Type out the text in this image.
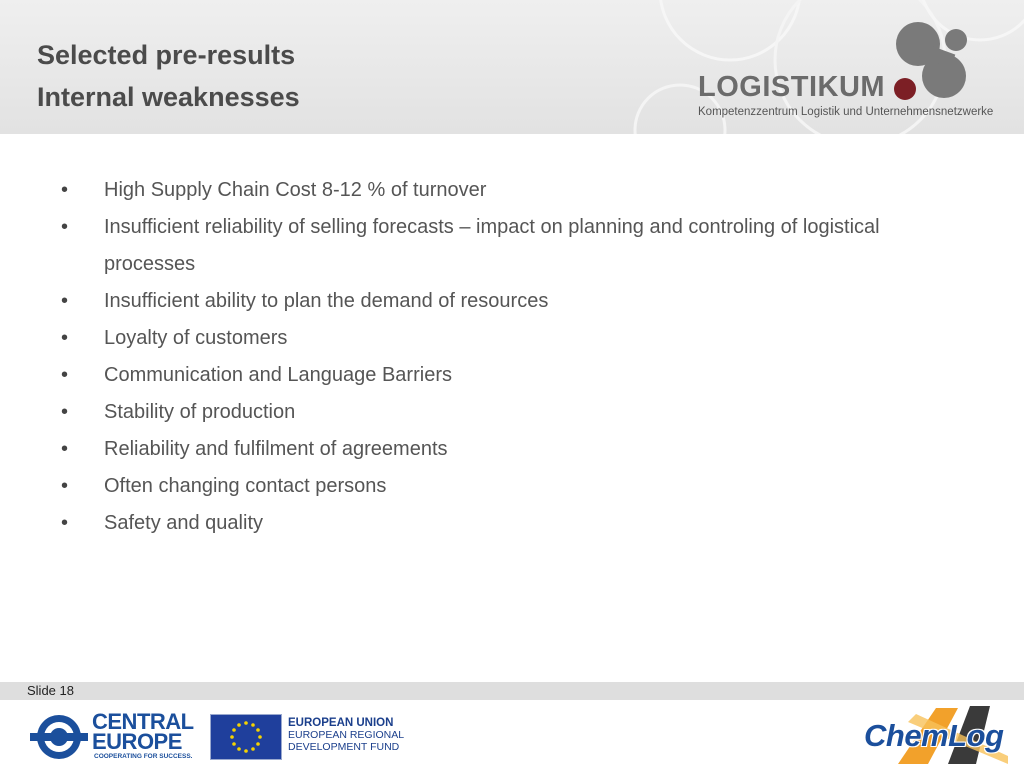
Selected pre-results
Internal weaknesses	LOGISTIKUM
Kompetenzzentrum Logistik und Unternehmensnetzwerke
• High Supply Chain Cost 8-12 % of turnover
• Insufficient reliability of selling forecasts – impact on planning and controling of logistical processes
• Insufficient ability to plan the demand of resources
• Loyalty of customers
• Communication and Language Barriers
• Stability of production
• Reliability and fulfilment of agreements
• Often changing contact persons
• Safety and quality
Slide 18
CENTRAL
EUROPE
COOPERATING FOR SUCCESS.
EUROPEAN UNION
EUROPEAN REGIONAL
DEVELOPMENT FUND	ChemLog
